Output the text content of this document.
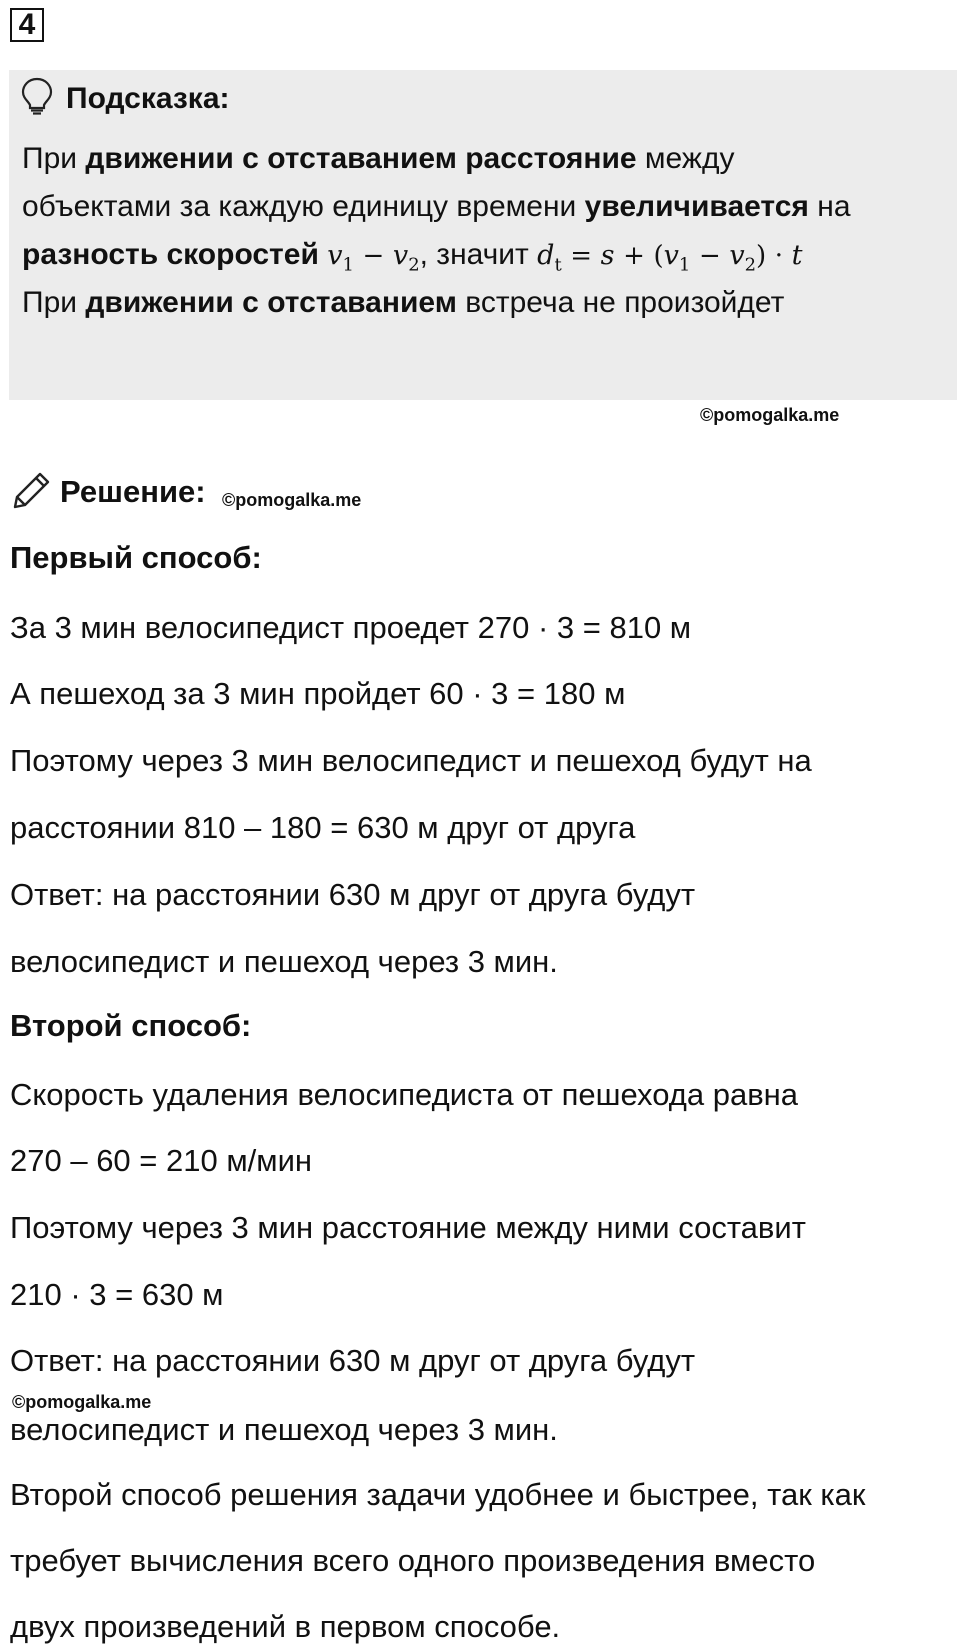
4
Подсказка:
При движении с отставанием расстояние между
объектами за каждую единицу времени увеличивается на
разность скоростей $v_1 - v_2$, значит $d_t = s + (v_1 - v_2) \cdot t$
При движении с отставанием встреча не произойдет
©pomogalka.me
Решение: ©pomogalka.me
Первый способ:
За 3 мин велосипедист проедет 270 · 3 = 810 м
А пешеход за 3 мин пройдет 60 · 3 = 180 м
Поэтому через 3 мин велосипедист и пешеход будут на
расстоянии 810 – 180 = 630 м друг от друга
Ответ: на расстоянии 630 м друг от друга будут
велосипедист и пешеход через 3 мин.
Второй способ:
Скорость удаления велосипедиста от пешехода равна
270 – 60 = 210 м/мин
Поэтому через 3 мин расстояние между ними составит
210 · 3 = 630 м
Ответ: на расстоянии 630 м друг от друга будут
©pomogalka.me
велосипедист и пешеход через 3 мин.
Второй способ решения задачи удобнее и быстрее, так как
требует вычисления всего одного произведения вместо
двух произведений в первом способе.
